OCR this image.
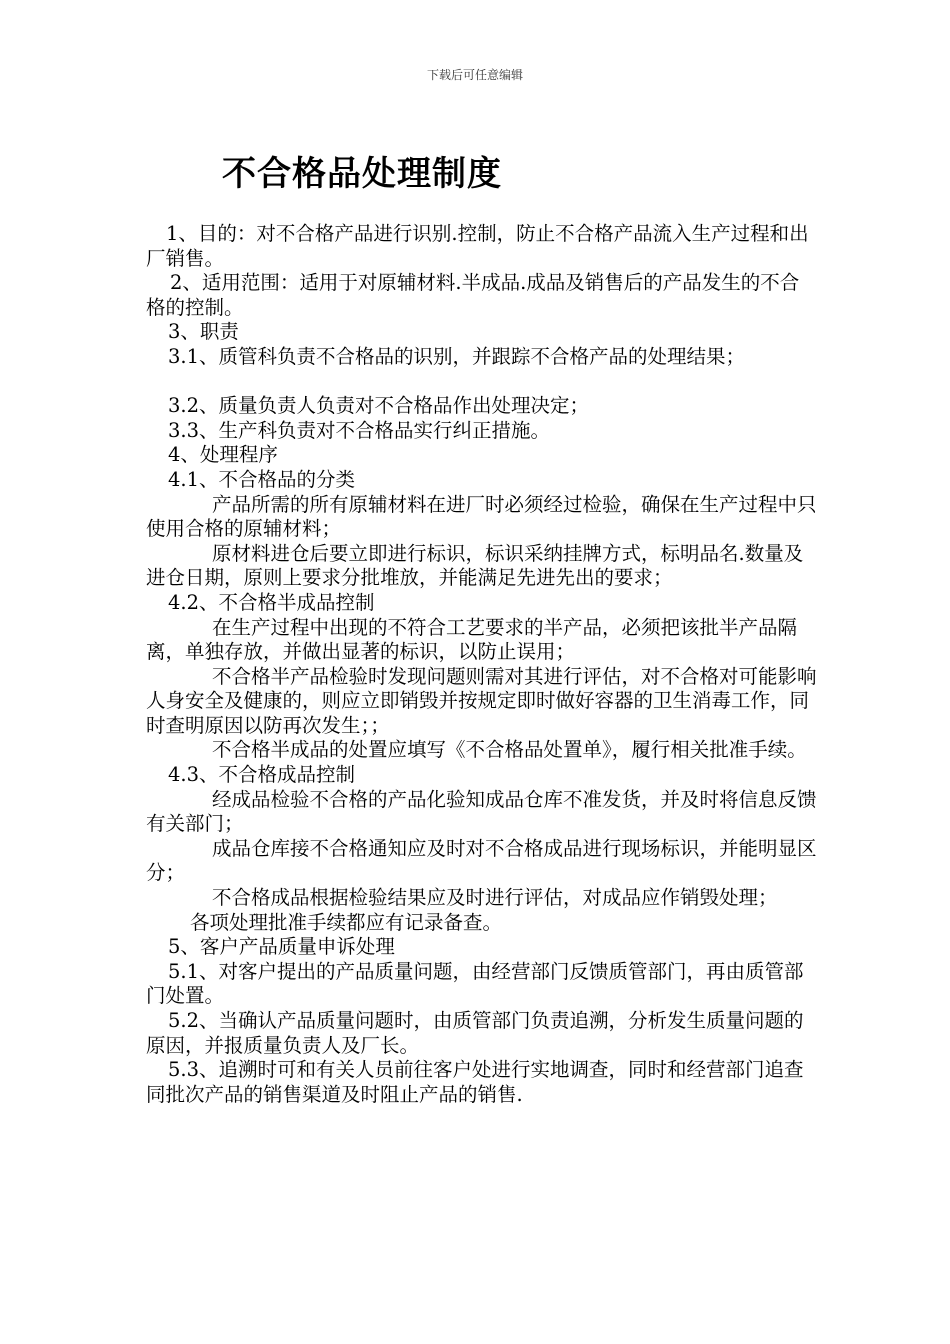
下载后可任意编辑
不合格品处理制度

1、目的：对不合格产品进行识别.控制，防止不合格产品流入生产过程和出厂销售。

2、适用范围：适用于对原辅材料.半成品.成品及销售后的产品发生的不合格的控制。

3、职责

3.1、质管科负责不合格品的识别，并跟踪不合格产品的处理结果；

3.2、质量负责人负责对不合格品作出处理决定；

3.3、生产科负责对不合格品实行纠正措施。

4、处理程序

4.1、不合格品的分类

产品所需的所有原辅材料在进厂时必须经过检验，确保在生产过程中只使用合格的原辅材料；

原材料进仓后要立即进行标识，标识采纳挂牌方式，标明品名.数量及进仓日期，原则上要求分批堆放，并能满足先进先出的要求；

4.2、不合格半成品控制

在生产过程中出现的不符合工艺要求的半产品，必须把该批半产品隔离，单独存放，并做出显著的标识，以防止误用；

不合格半产品检验时发现问题则需对其进行评估，对不合格对可能影响人身安全及健康的，则应立即销毁并按规定即时做好容器的卫生消毒工作，同时查明原因以防再次发生；；

不合格半成品的处置应填写《不合格品处置单》，履行相关批准手续。

4.3、不合格成品控制

经成品检验不合格的产品化验知成品仓库不准发货，并及时将信息反馈有关部门；

成品仓库接不合格通知应及时对不合格成品进行现场标识，并能明显区分；

不合格成品根据检验结果应及时进行评估，对成品应作销毁处理；

各项处理批准手续都应有记录备查。

5、客户产品质量申诉处理

5.1、对客户提出的产品质量问题，由经营部门反馈质管部门，再由质管部门处置。

5.2、当确认产品质量问题时，由质管部门负责追溯，分析发生质量问题的原因，并报质量负责人及厂长。

5.3、追溯时可和有关人员前往客户处进行实地调查，同时和经营部门追查同批次产品的销售渠道及时阻止产品的销售.
